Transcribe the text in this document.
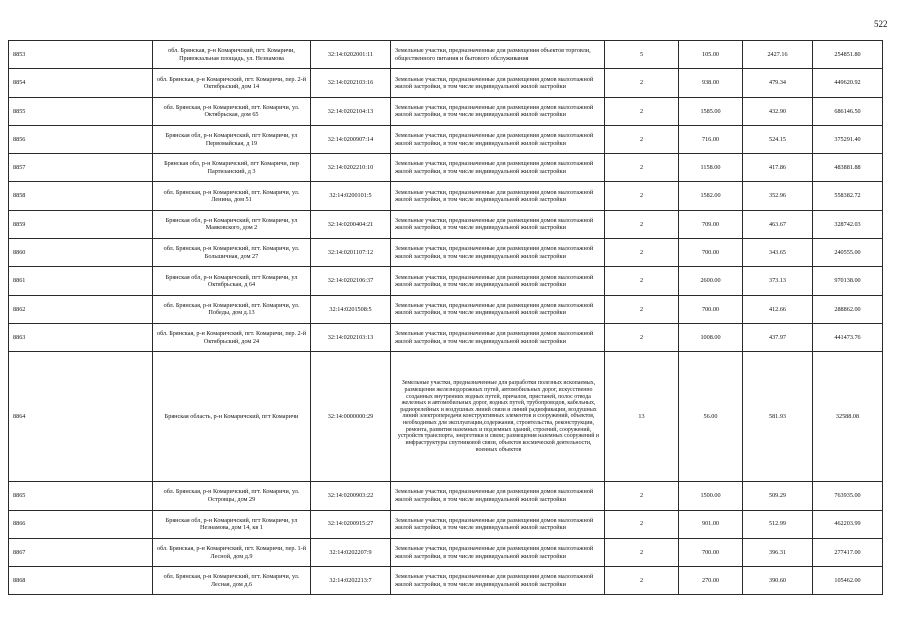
522
8853	обл. Брянская, р-н Комаричский, пгт. Комаричи, Привокзальная площадь, ул. Незнамова	32:14:0202001:11	Земельные участки, предназначенные для размещения объектов торговли, общественного питания и бытового обслуживания	5	105.00	2427.16	254851.80
8854	обл. Брянская, р-н Комаричский, пгт. Комаричи, пер. 2-й Октябрьский, дом 14	32:14:0202103:16	Земельные участки, предназначенные для размещения домов малоэтажной жилой застройки, в том числе индивидуальной жилой застройки	2	938.00	479.34	449620.92
8855	обл. Брянская, р-н Комаричский, пгт. Комаричи, ул. Октябрьская, дом 65	32:14:0202104:13	Земельные участки, предназначенные для размещения домов малоэтажной жилой застройки, в том числе индивидуальной жилой застройки	2	1585.00	432.90	686146.50
8856	Брянская обл, р-н Комаричский, пгт Комаричи, ул Первомайская, д 19	32:14:0200907:14	Земельные участки, предназначенные для размещения домов малоэтажной жилой застройки, в том числе индивидуальной жилой застройки	2	716.00	524.15	375291.40
8857	Брянская обл, р-н Комаричский, пгт Комаричи, пер Партизанский, д 3	32:14:0202210:10	Земельные участки, предназначенные для размещения домов малоэтажной жилой застройки, в том числе индивидуальной жилой застройки	2	1158.00	417.86	483881.88
8858	обл. Брянская, р-н Комаричский, пгт. Комаричи, ул. Ленина, дом 51	32:14:0200101:5	Земельные участки, предназначенные для размещения домов малоэтажной жилой застройки, в том числе индивидуальной жилой застройки	2	1582.00	352.96	558382.72
8859	Брянская обл, р-н Комаричский, пгт Комаричи, ул Маяковского, дом 2	32:14:0200404:21	Земельные участки, предназначенные для размещения домов малоэтажной жилой застройки, в том числе индивидуальной жилой застройки	2	709.00	463.67	328742.03
8860	обл. Брянская, р-н Комаричский, пгт. Комаричи, ул. Большичная, дом 27	32:14:0201107:12	Земельные участки, предназначенные для размещения домов малоэтажной жилой застройки, в том числе индивидуальной жилой застройки	2	700.00	343.65	240555.00
8861	Брянская обл, р-н Комаричский, пгт Комаричи, ул Октябрьская, д 64	32:14:0202106:37	Земельные участки, предназначенные для размещения домов малоэтажной жилой застройки, в том числе индивидуальной жилой застройки	2	2600.00	373.13	970138.00
8862	обл. Брянская, р-н Комаричский, пгт. Комаричи, ул. Победы, дом д.13	32:14:0201508:5	Земельные участки, предназначенные для размещения домов малоэтажной жилой застройки, в том числе индивидуальной жилой застройки	2	700.00	412.66	288862.00
8863	обл. Брянская, р-н Комаричский, пгт. Комаричи, пер. 2-й Октябрьский, дом 24	32:14:0202103:13	Земельные участки, предназначенные для размещения домов малоэтажной жилой застройки, в том числе индивидуальной жилой застройки	2	1008.00	437.97	441473.76
8864	Брянская область, р-н Комаричский, пгт Комаричи	32:14:0000000:29	Земельные участки, предназначенные для разработки полезных ископаемых, размещения железнодорожных путей, автомобильных дорог, искусственно созданных внутренних водных путей, причалов, пристаней, полос отвода железных и автомобильных дорог, водных путей, трубопроводов, кабельных, радиорелейных и воздушных линий связи и линий радиофикации, воздушных линий электропередачи конструктивных элементов и сооружений, объектов, необходимых для эксплуатации,содержания, строительства, реконструкции, ремонта, развития наземных и подземных зданий, строений, сооружений, устройств транспорта, энергетики и связи; размещения наземных сооружений и инфраструктуры спутниковой связи, объектов космической деятельности, военных объектов	13	56.00	581.93	32588.08
8865	обл. Брянская, р-н Комаричский, пгт. Комаричи, ул. Островцы, дом 29	32:14:0200903:22	Земельные участки, предназначенные для размещения домов малоэтажной жилой застройки, в том числе индивидуальной жилой застройки	2	1500.00	509.29	763935.00
8866	Брянская обл, р-н Комаричский, пгт Комаричи, ул Незнамова, дом 14, кв 1	32:14:0200915:27	Земельные участки, предназначенные для размещения домов малоэтажной жилой застройки, в том числе индивидуальной жилой застройки	2	901.00	512.99	462203.99
8867	обл. Брянская, р-н Комаричский, пгт. Комаричи, пер. 1-й Лесной, дом д.9	32:14:0202207:9	Земельные участки, предназначенные для размещения домов малоэтажной жилой застройки, в том числе индивидуальной жилой застройки	2	700.00	396.31	277417.00
8868	обл. Брянская, р-н Комаричский, пгт. Комаричи, ул. Лесная, дом д.6	32:14:0202213:7	Земельные участки, предназначенные для размещения домов малоэтажной жилой застройки, в том числе индивидуальной жилой застройки	2	270.00	390.60	105462.00
